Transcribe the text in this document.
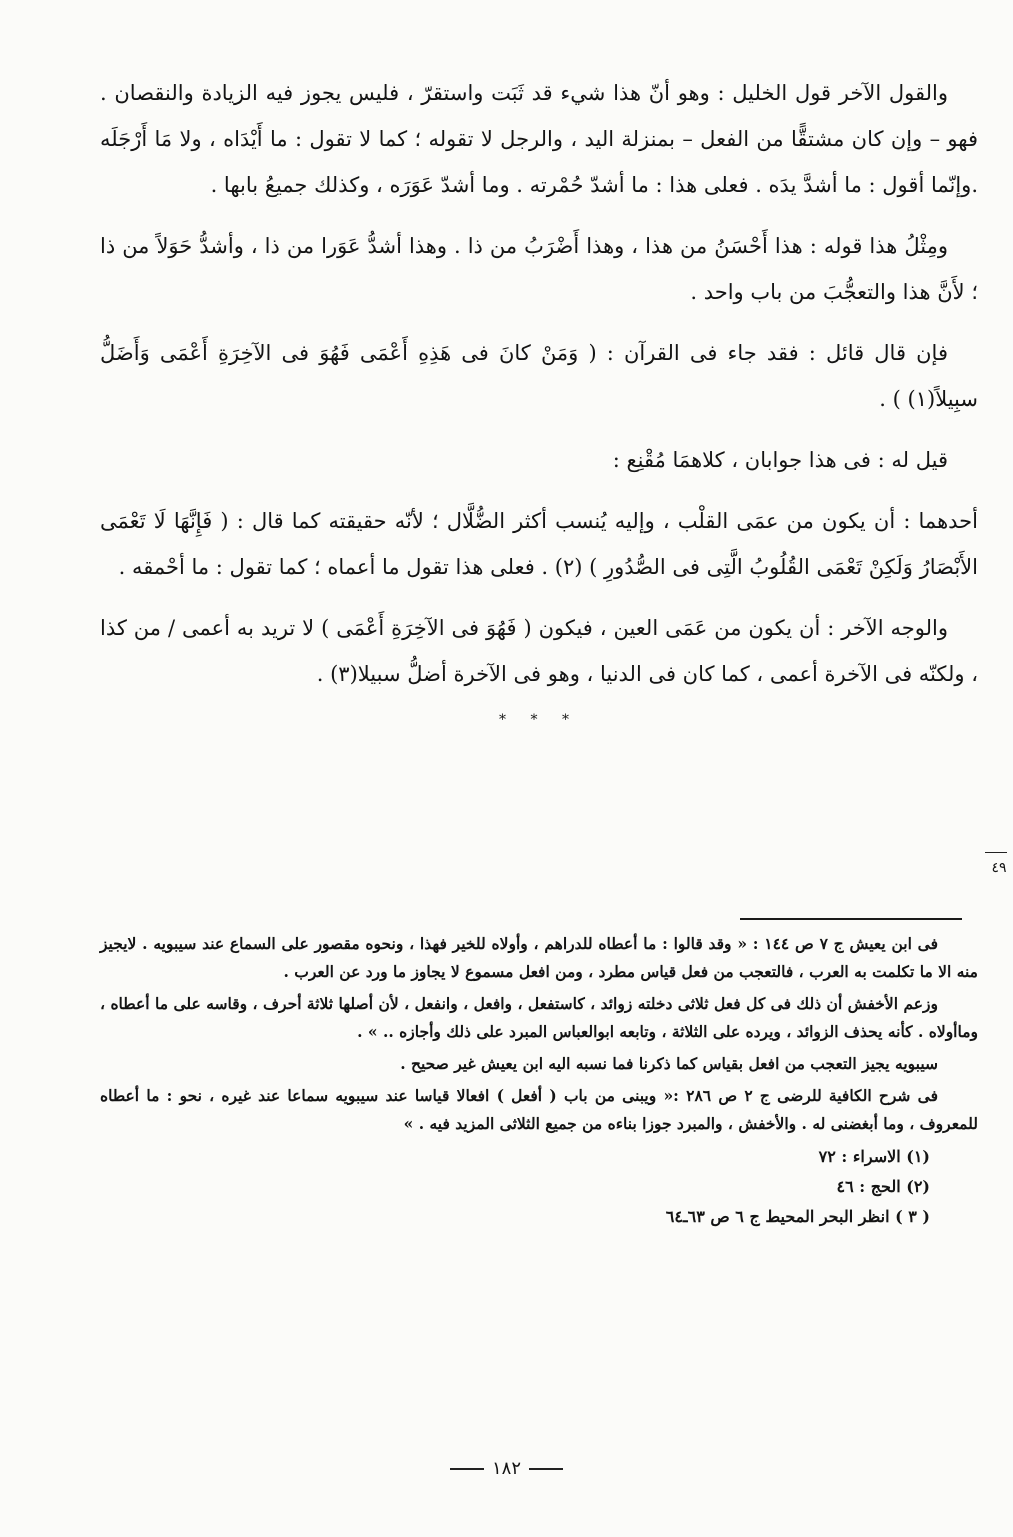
والقول الآخر قول الخليل : وهو أنّ هذا شيء قد ثَبَت واستقرّ ، فليس يجوز فيه الزيادة والنقصان . فهو – وإن كان مشتقًّا من الفعل – بمنزلة اليد ، والرجل لا تقوله ؛ كما لا تقول : ما أَيْدَاه ، ولا مَا أَرْجَلَه .وإنّما أقول : ما أشدَّ يدَه . فعلى هذا : ما أشدّ حُمْرته . وما أشدّ عَوَرَه ، وكذلك جميعُ بابها .

ومِثْلُ هذا قوله : هذا أَحْسَنُ من هذا ، وهذا أَضْرَبُ من ذا . وهذا أشدُّ عَوَرا من ذا ، وأشدُّ حَوَلاً من ذا ؛ لأَنَّ هذا والتعجُّبَ من باب واحد .

فإن قال قائل : فقد جاء فى القرآن : ( وَمَنْ كانَ فى هَذِهِ أَعْمَى فَهُوَ فى الآخِرَةِ أَعْمَى وَأَضَلُّ سبِيلاً(١) ) .

قيل له : فى هذا جوابان ، كلاهمَا مُقْنِع :

أحدهما : أن يكون من عمَى القلْب ، وإليه يُنسب أكثر الضُّلَّال ؛ لأنّه حقيقته كما قال : ( فَإِنَّهَا لَا تَعْمَى الأَبْصَارُ وَلَكِنْ تَعْمَى القُلُوبُ الَّتِى فى الصُّدُورِ ) (٢) . فعلى هذا تقول ما أعماه ؛ كما تقول : ما أحْمقه .

والوجه الآخر : أن يكون من عَمَى العين ، فيكون ( فَهُوَ فى الآخِرَةِ أَعْمَى ) لا تريد به أعمى / من كذا ، ولكنّه فى الآخرة أعمى ، كما كان فى الدنيا ، وهو فى الآخرة أضلُّ سبيلا(٣) .

* * *
٤٩

فى ابن يعيش ج ٧ ص ١٤٤ : « وقد قالوا : ما أعطاه للدراهم ، وأولاه للخير فهذا ، ونحوه مقصور على السماع عند سيبويه . لايجيز منه الا ما تكلمت به العرب ، فالتعجب من فعل قياس مطرد ، ومن افعل مسموع لا يجاوز ما ورد عن العرب .

وزعم الأخفش أن ذلك فى كل فعل ثلاثى دخلته زوائد ، كاستفعل ، وافعل ، وانفعل ، لأن أصلها ثلاثة أحرف ، وقاسه على ما أعطاه ، وماأولاه . كأنه يحذف الزوائد ، ويرده على الثلاثة ، وتابعه ابوالعباس المبرد على ذلك وأجازه .. » .

سيبويه يجيز التعجب من افعل بقياس كما ذكرنا فما نسبه اليه ابن يعيش غير صحيح .

فى شرح الكافية للرضى ج ٢ ص ٢٨٦ :« ويبنى من باب ( أفعل ) افعالا قياسا عند سيبويه سماعا عند غيره ، نحو : ما أعطاه للمعروف ، وما أبغضنى له . والأخفش ، والمبرد جوزا بناءه من جميع الثلاثى المزيد فيه . »

(١) الاسراء : ٧٢
(٢) الحج : ٤٦
( ٣ ) انظر البحر المحيط ج ٦ ص ٦٣ـ٦٤
١٨٢
